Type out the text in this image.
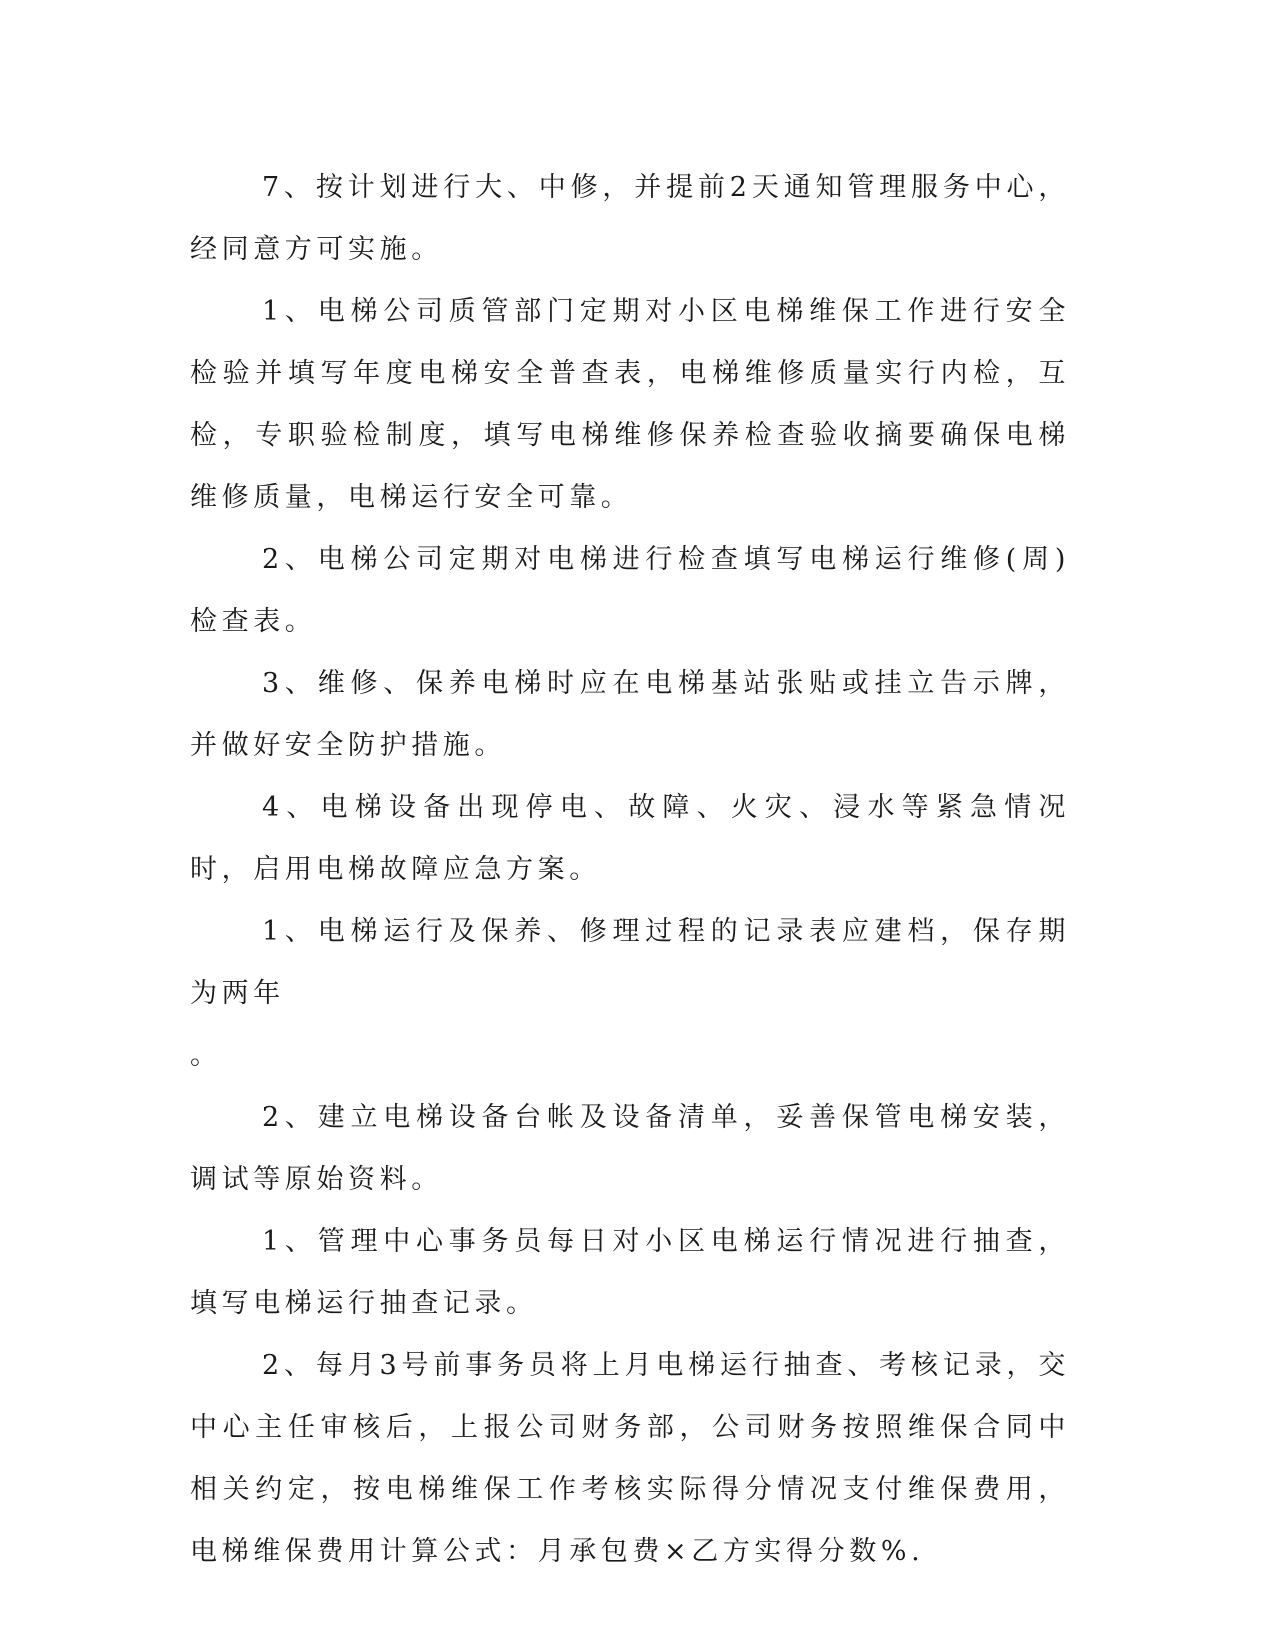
7、按计划进行大、中修，并提前2天通知管理服务中心，经同意方可实施。

1、电梯公司质管部门定期对小区电梯维保工作进行安全检验并填写年度电梯安全普查表，电梯维修质量实行内检，互检，专职验检制度，填写电梯维修保养检查验收摘要确保电梯维修质量，电梯运行安全可靠。

2、电梯公司定期对电梯进行检查填写电梯运行维修(周)检查表。

3、维修、保养电梯时应在电梯基站张贴或挂立告示牌，并做好安全防护措施。

4、电梯设备出现停电、故障、火灾、浸水等紧急情况时，启用电梯故障应急方案。

1、电梯运行及保养、修理过程的记录表应建档，保存期为两年

。

2、建立电梯设备台帐及设备清单，妥善保管电梯安装，调试等原始资料。

1、管理中心事务员每日对小区电梯运行情况进行抽查，填写电梯运行抽查记录。

2、每月3号前事务员将上月电梯运行抽查、考核记录，交中心主任审核后，上报公司财务部，公司财务按照维保合同中相关约定，按电梯维保工作考核实际得分情况支付维保费用，电梯维保费用计算公式：月承包费×乙方实得分数%.
